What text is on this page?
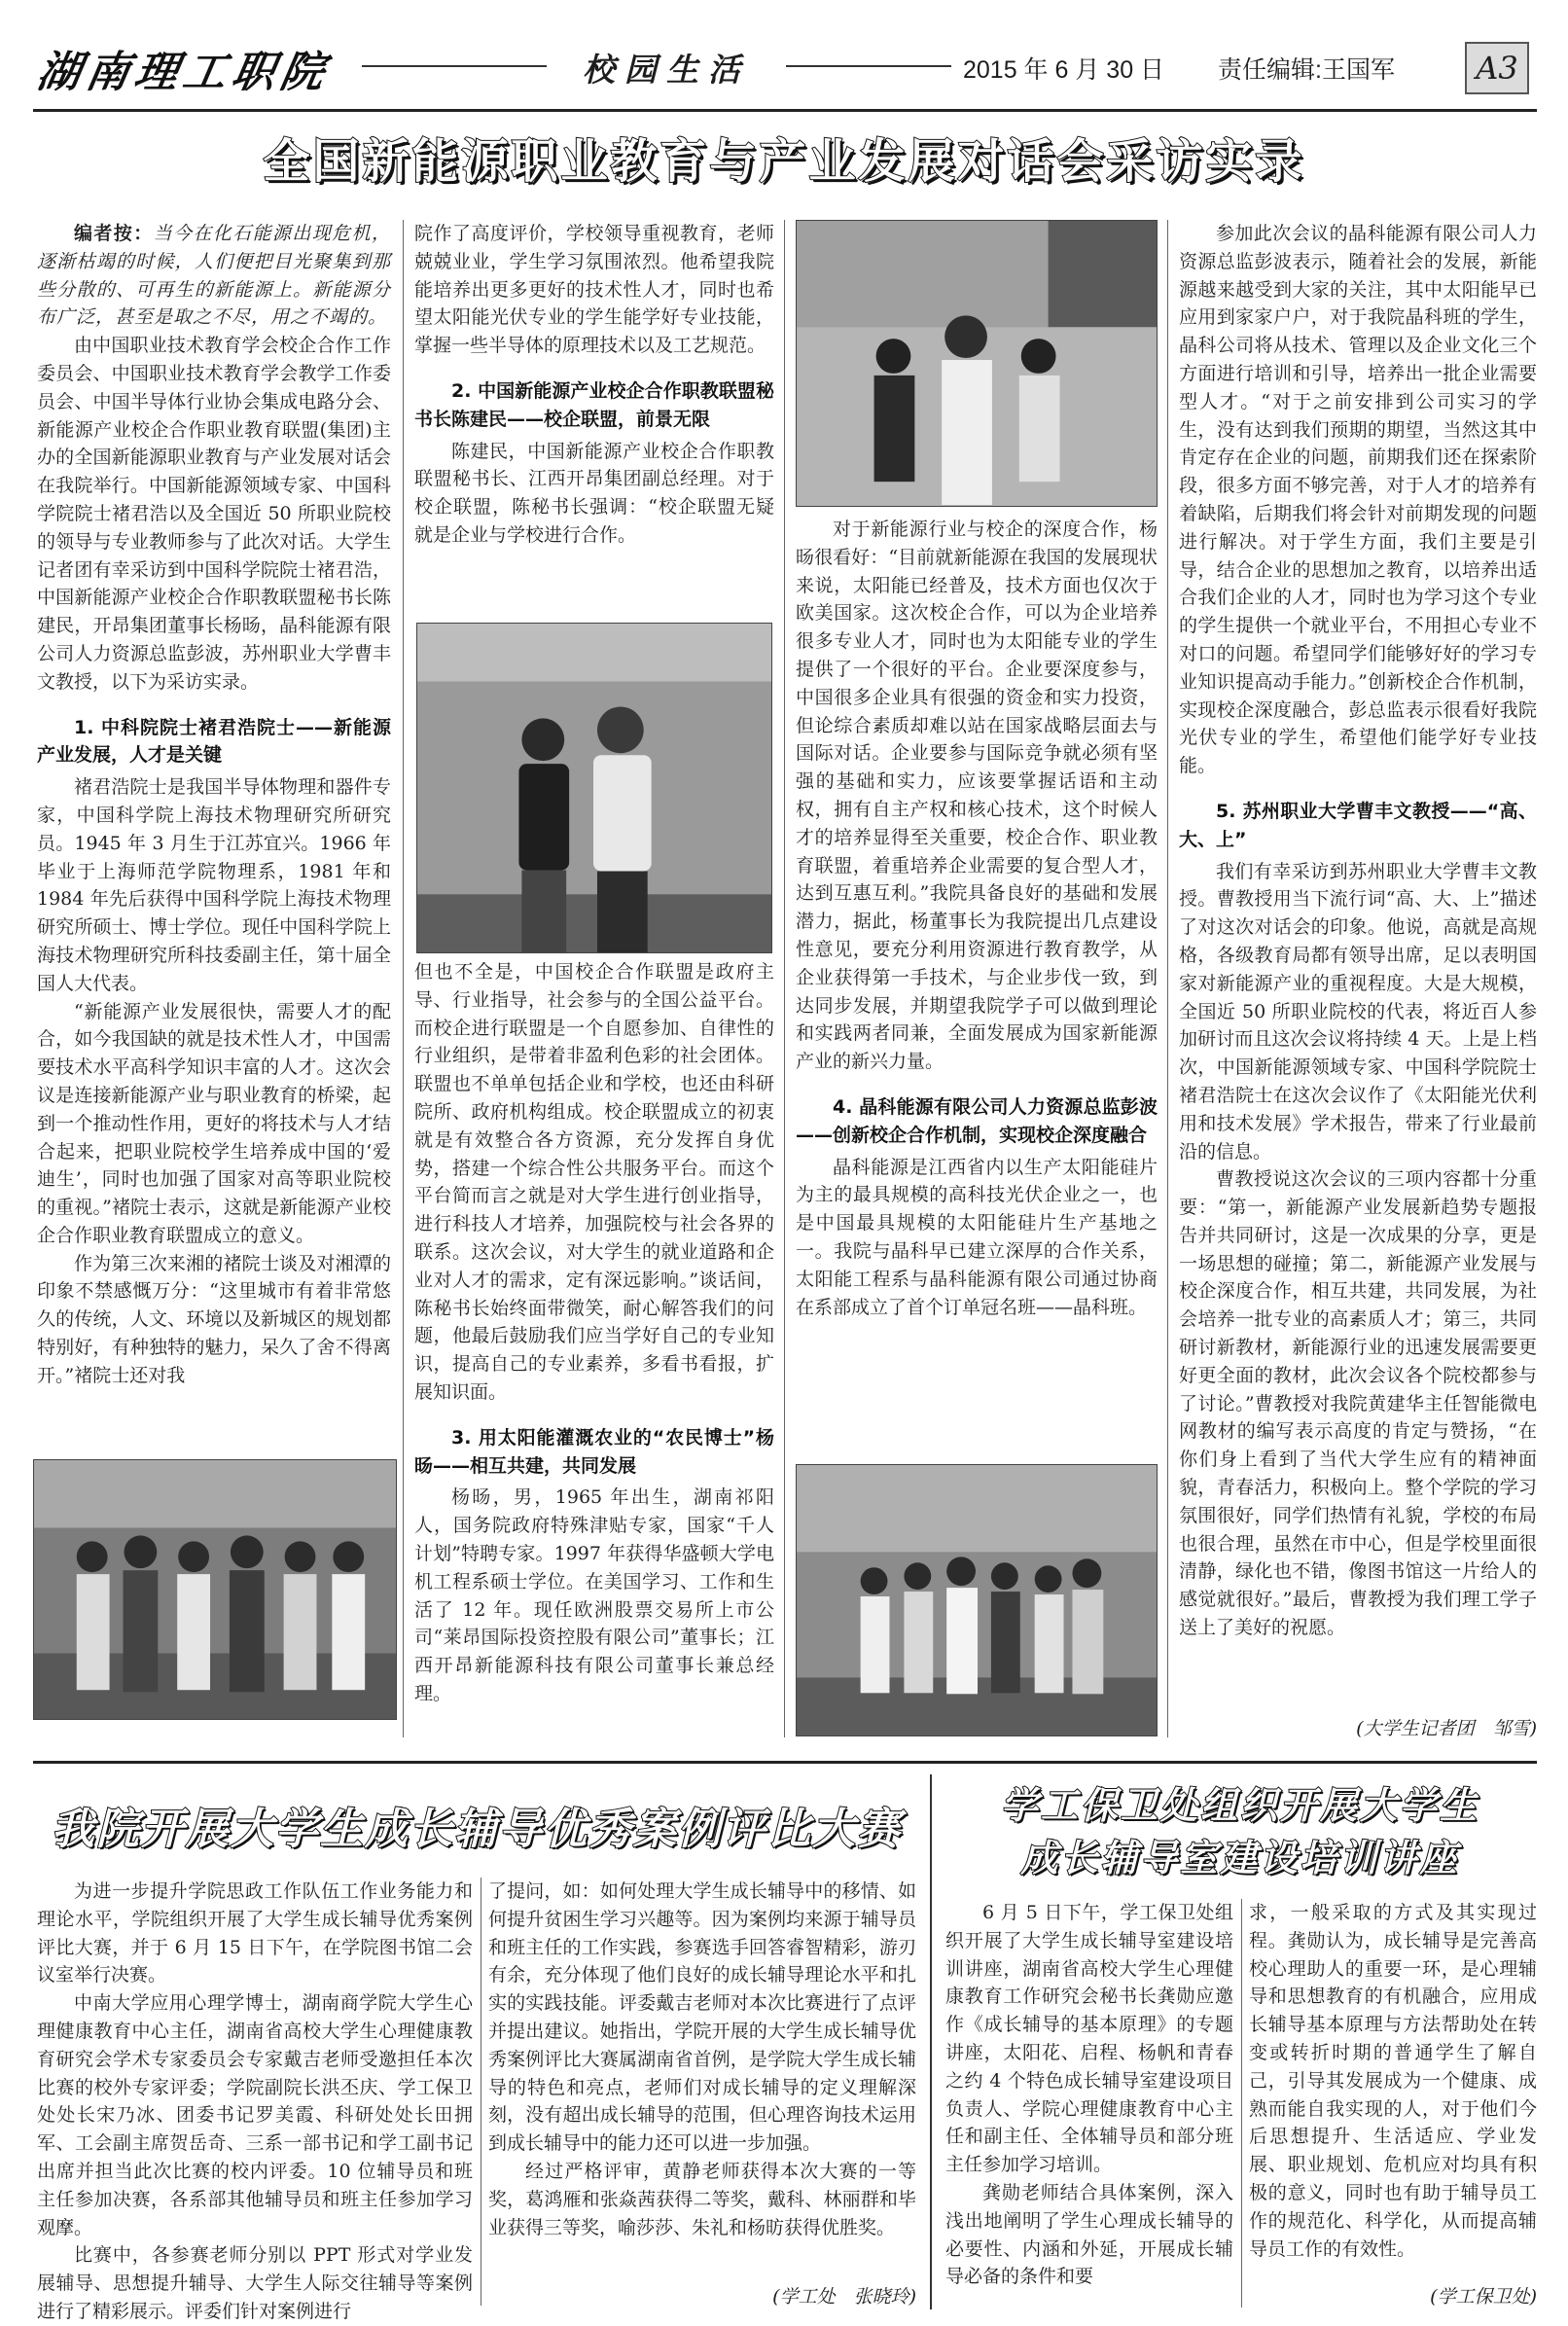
湖南理工职院	校园生活	2015 年 6 月 30 日	责任编辑:王国军	A3
全国新能源职业教育与产业发展对话会采访实录

编者按：当今在化石能源出现危机，逐渐枯竭的时候，人们便把目光聚集到那些分散的、可再生的新能源上。新能源分布广泛，甚至是取之不尽，用之不竭的。

由中国职业技术教育学会校企合作工作委员会、中国职业技术教育学会教学工作委员会、中国半导体行业协会集成电路分会、新能源产业校企合作职业教育联盟(集团)主办的全国新能源职业教育与产业发展对话会在我院举行。中国新能源领域专家、中国科学院院士褚君浩以及全国近 50 所职业院校的领导与专业教师参与了此次对话。大学生记者团有幸采访到中国科学院院士褚君浩，中国新能源产业校企合作职教联盟秘书长陈建民，开昂集团董事长杨旸，晶科能源有限公司人力资源总监彭波，苏州职业大学曹丰文教授，以下为采访实录。

1. 中科院院士褚君浩院士——新能源产业发展，人才是关键

褚君浩院士是我国半导体物理和器件专家，中国科学院上海技术物理研究所研究员。1945 年 3 月生于江苏宜兴。1966 年毕业于上海师范学院物理系，1981 年和 1984 年先后获得中国科学院上海技术物理研究所硕士、博士学位。现任中国科学院上海技术物理研究所科技委副主任，第十届全国人大代表。

“新能源产业发展很快，需要人才的配合，如今我国缺的就是技术性人才，中国需要技术水平高科学知识丰富的人才。这次会议是连接新能源产业与职业教育的桥梁，起到一个推动性作用，更好的将技术与人才结合起来，把职业院校学生培养成中国的‘爱迪生’，同时也加强了国家对高等职业院校的重视。”褚院士表示，这就是新能源产业校企合作职业教育联盟成立的意义。

作为第三次来湘的褚院士谈及对湘潭的印象不禁感慨万分：“这里城市有着非常悠久的传统，人文、环境以及新城区的规划都特别好，有种独特的魅力，呆久了舍不得离开。”褚院士还对我

院作了高度评价，学校领导重视教育，老师兢兢业业，学生学习氛围浓烈。他希望我院能培养出更多更好的技术性人才，同时也希望太阳能光伏专业的学生能学好专业技能，掌握一些半导体的原理技术以及工艺规范。

2. 中国新能源产业校企合作职教联盟秘书长陈建民——校企联盟，前景无限

陈建民，中国新能源产业校企合作职教联盟秘书长、江西开昂集团副总经理。对于校企联盟，陈秘书长强调：“校企联盟无疑就是企业与学校进行合作。

但也不全是，中国校企合作联盟是政府主导、行业指导，社会参与的全国公益平台。而校企进行联盟是一个自愿参加、自律性的行业组织，是带着非盈利色彩的社会团体。联盟也不单单包括企业和学校，也还由科研院所、政府机构组成。校企联盟成立的初衷就是有效整合各方资源，充分发挥自身优势，搭建一个综合性公共服务平台。而这个平台简而言之就是对大学生进行创业指导，进行科技人才培养，加强院校与社会各界的联系。这次会议，对大学生的就业道路和企业对人才的需求，定有深远影响。”谈话间，陈秘书长始终面带微笑，耐心解答我们的问题，他最后鼓励我们应当学好自己的专业知识，提高自己的专业素养，多看书看报，扩展知识面。

3. 用太阳能灌溉农业的“农民博士”杨旸——相互共建，共同发展

杨旸，男，1965 年出生，湖南祁阳人，国务院政府特殊津贴专家，国家“千人计划”特聘专家。1997 年获得华盛顿大学电机工程系硕士学位。在美国学习、工作和生活了 12 年。现任欧洲股票交易所上市公司“莱昂国际投资控股有限公司”董事长；江西开昂新能源科技有限公司董事长兼总经理。

对于新能源行业与校企的深度合作，杨旸很看好：“目前就新能源在我国的发展现状来说，太阳能已经普及，技术方面也仅次于欧美国家。这次校企合作，可以为企业培养很多专业人才，同时也为太阳能专业的学生提供了一个很好的平台。企业要深度参与，中国很多企业具有很强的资金和实力投资，但论综合素质却难以站在国家战略层面去与国际对话。企业要参与国际竞争就必须有坚强的基础和实力，应该要掌握话语和主动权，拥有自主产权和核心技术，这个时候人才的培养显得至关重要，校企合作、职业教育联盟，着重培养企业需要的复合型人才，达到互惠互利。”我院具备良好的基础和发展潜力，据此，杨董事长为我院提出几点建设性意见，要充分利用资源进行教育教学，从企业获得第一手技术，与企业步伐一致，到达同步发展，并期望我院学子可以做到理论和实践两者同兼，全面发展成为国家新能源产业的新兴力量。

4. 晶科能源有限公司人力资源总监彭波——创新校企合作机制，实现校企深度融合

晶科能源是江西省内以生产太阳能硅片为主的最具规模的高科技光伏企业之一，也是中国最具规模的太阳能硅片生产基地之一。我院与晶科早已建立深厚的合作关系，太阳能工程系与晶科能源有限公司通过协商在系部成立了首个订单冠名班——晶科班。

参加此次会议的晶科能源有限公司人力资源总监彭波表示，随着社会的发展，新能源越来越受到大家的关注，其中太阳能早已应用到家家户户，对于我院晶科班的学生，晶科公司将从技术、管理以及企业文化三个方面进行培训和引导，培养出一批企业需要型人才。“对于之前安排到公司实习的学生，没有达到我们预期的期望，当然这其中肯定存在企业的问题，前期我们还在探索阶段，很多方面不够完善，对于人才的培养有着缺陷，后期我们将会针对前期发现的问题进行解决。对于学生方面，我们主要是引导，结合企业的思想加之教育，以培养出适合我们企业的人才，同时也为学习这个专业的学生提供一个就业平台，不用担心专业不对口的问题。希望同学们能够好好的学习专业知识提高动手能力。”创新校企合作机制，实现校企深度融合，彭总监表示很看好我院光伏专业的学生，希望他们能学好专业技能。

5. 苏州职业大学曹丰文教授——“高、大、上”

我们有幸采访到苏州职业大学曹丰文教授。曹教授用当下流行词“高、大、上”描述了对这次对话会的印象。他说，高就是高规格，各级教育局都有领导出席，足以表明国家对新能源产业的重视程度。大是大规模，全国近 50 所职业院校的代表，将近百人参加研讨而且这次会议将持续 4 天。上是上档次，中国新能源领域专家、中国科学院院士褚君浩院士在这次会议作了《太阳能光伏利用和技术发展》学术报告，带来了行业最前沿的信息。

曹教授说这次会议的三项内容都十分重要：“第一，新能源产业发展新趋势专题报告并共同研讨，这是一次成果的分享，更是一场思想的碰撞；第二，新能源产业发展与校企深度合作，相互共建，共同发展，为社会培养一批专业的高素质人才；第三，共同研讨新教材，新能源行业的迅速发展需要更好更全面的教材，此次会议各个院校都参与了讨论。”曹教授对我院黄建华主任智能微电网教材的编写表示高度的肯定与赞扬，“在你们身上看到了当代大学生应有的精神面貌，青春活力，积极向上。整个学院的学习氛围很好，同学们热情有礼貌，学校的布局也很合理，虽然在市中心，但是学校里面很清静，绿化也不错，像图书馆这一片给人的感觉就很好。”最后，曹教授为我们理工学子送上了美好的祝愿。

(大学生记者团　邹雪)
我院开展大学生成长辅导优秀案例评比大赛

为进一步提升学院思政工作队伍工作业务能力和理论水平，学院组织开展了大学生成长辅导优秀案例评比大赛，并于 6 月 15 日下午，在学院图书馆二会议室举行决赛。

中南大学应用心理学博士，湖南商学院大学生心理健康教育中心主任，湖南省高校大学生心理健康教育研究会学术专家委员会专家戴吉老师受邀担任本次比赛的校外专家评委；学院副院长洪丕庆、学工保卫处处长宋乃冰、团委书记罗美霞、科研处处长田拥军、工会副主席贺岳奇、三系一部书记和学工副书记出席并担当此次比赛的校内评委。10 位辅导员和班主任参加决赛，各系部其他辅导员和班主任参加学习观摩。

比赛中，各参赛老师分别以 PPT 形式对学业发展辅导、思想提升辅导、大学生人际交往辅导等案例进行了精彩展示。评委们针对案例进行

了提问，如：如何处理大学生成长辅导中的移情、如何提升贫困生学习兴趣等。因为案例均来源于辅导员和班主任的工作实践，参赛选手回答睿智精彩，游刃有余，充分体现了他们良好的成长辅导理论水平和扎实的实践技能。评委戴吉老师对本次比赛进行了点评并提出建议。她指出，学院开展的大学生成长辅导优秀案例评比大赛属湖南省首例，是学院大学生成长辅导的特色和亮点，老师们对成长辅导的定义理解深刻，没有超出成长辅导的范围，但心理咨询技术运用到成长辅导中的能力还可以进一步加强。

经过严格评审，黄静老师获得本次大赛的一等奖，葛鸿雁和张焱茜获得二等奖，戴科、林丽群和毕业获得三等奖，喻莎莎、朱礼和杨昉获得优胜奖。

(学工处　张晓玲)
学工保卫处组织开展大学生
成长辅导室建设培训讲座

6 月 5 日下午，学工保卫处组织开展了大学生成长辅导室建设培训讲座，湖南省高校大学生心理健康教育工作研究会秘书长龚勋应邀作《成长辅导的基本原理》的专题讲座，太阳花、启程、杨帆和青春之约 4 个特色成长辅导室建设项目负责人、学院心理健康教育中心主任和副主任、全体辅导员和部分班主任参加学习培训。

龚勋老师结合具体案例，深入浅出地阐明了学生心理成长辅导的必要性、内涵和外延，开展成长辅导必备的条件和要

求，一般采取的方式及其实现过程。龚勋认为，成长辅导是完善高校心理助人的重要一环，是心理辅导和思想教育的有机融合，应用成长辅导基本原理与方法帮助处在转变或转折时期的普通学生了解自己，引导其发展成为一个健康、成熟而能自我实现的人，对于他们今后思想提升、生活适应、学业发展、职业规划、危机应对均具有积极的意义，同时也有助于辅导员工作的规范化、科学化，从而提高辅导员工作的有效性。

(学工保卫处)
